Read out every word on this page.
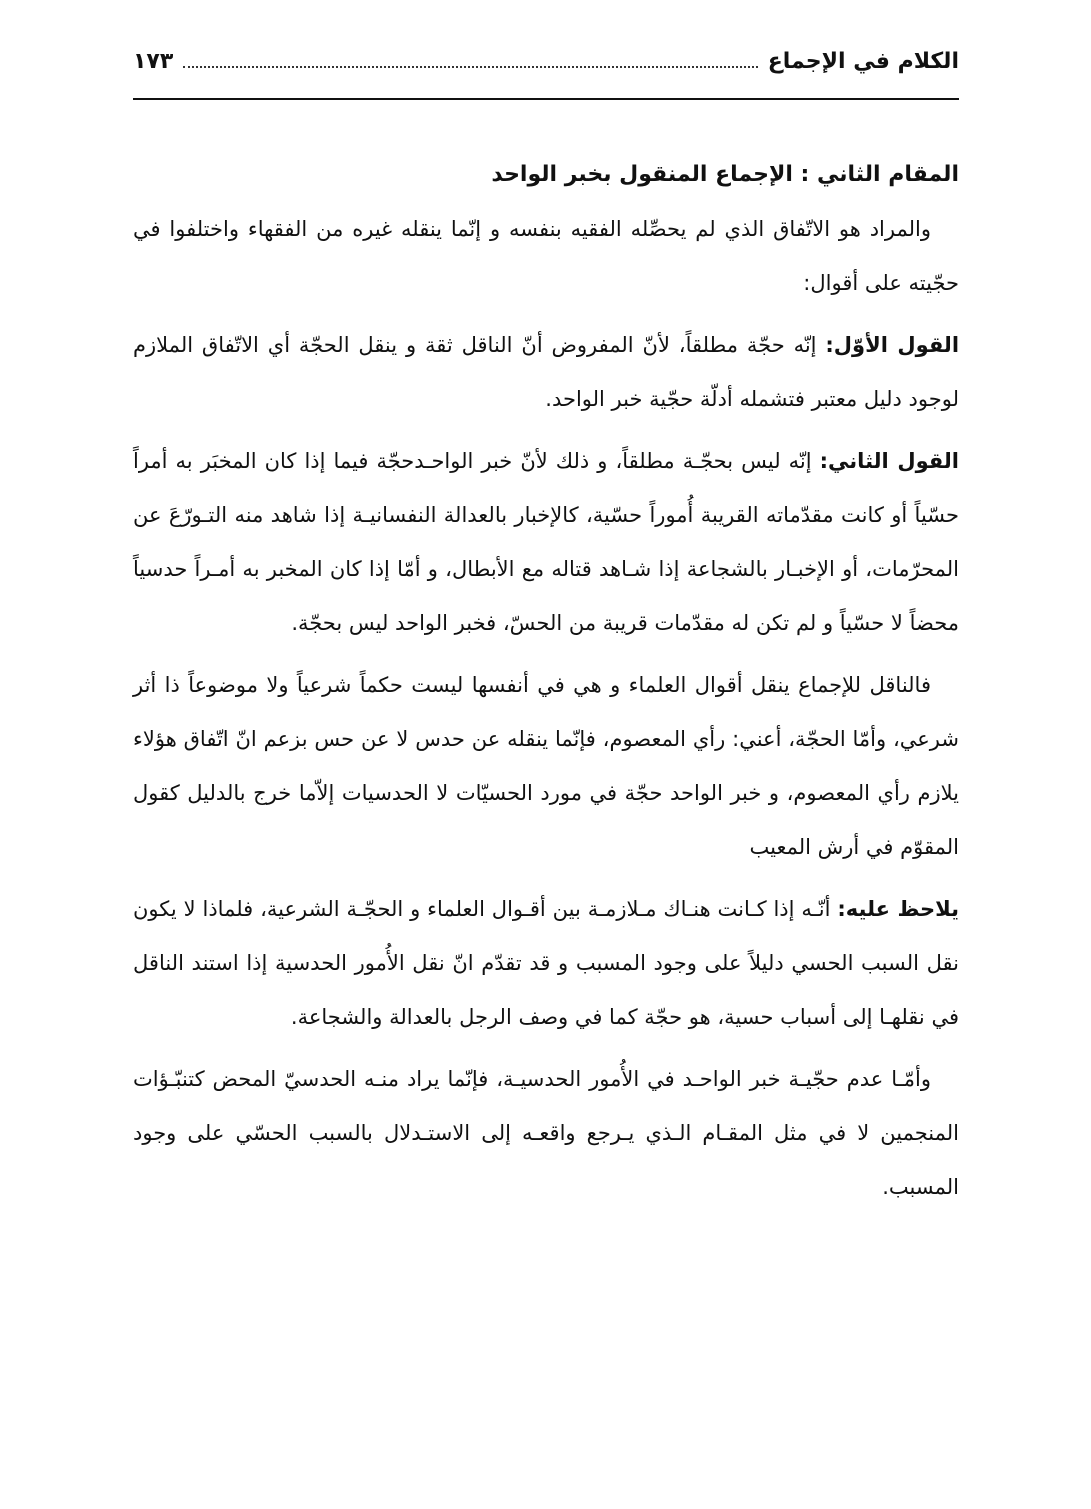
الكلام في الإجماع
١٧٣

المقام الثاني : الإجماع المنقول بخبر الواحد

والمراد هو الاتّفاق الذي لم يحصِّله الفقيه بنفسه و إنّما ينقله غيره من الفقهاء واختلفوا في حجّيته على أقوال:

القول الأوّل: إنّه حجّة مطلقاً، لأنّ المفروض أنّ الناقل ثقة و ينقل الحجّة أي الاتّفاق الملازم لوجود دليل معتبر فتشمله أدلّة حجّية خبر الواحد.

القول الثاني: إنّه ليس بحجّـة مطلقاً، و ذلك لأنّ خبر الواحـدحجّة فيما إذا كان المخبَر به أمراً حسّياً أو كانت مقدّماته القريبة أُموراً حسّية، كالإخبار بالعدالة النفسانيـة إذا شاهد منه التـورّعَ عن المحرّمات، أو الإخبـار بالشجاعة إذا شـاهد قتاله مع الأبطال، و أمّا إذا كان المخبر به أمـراً حدسياً محضاً لا حسّياً و لم تكن له مقدّمات قريبة من الحسّ، فخبر الواحد ليس بحجّة.

فالناقل للإجماع ينقل أقوال العلماء و هي في أنفسها ليست حكماً شرعياً ولا موضوعاً ذا أثر شرعي، وأمّا الحجّة، أعني: رأي المعصوم، فإنّما ينقله عن حدس لا عن حس بزعم انّ اتّفاق هؤلاء يلازم رأي المعصوم، و خبر الواحد حجّة في مورد الحسيّات لا الحدسيات إلاّما خرج بالدليل كقول المقوّم في أرش المعيب

يلاحظ عليه: أنّـه إذا كـانت هنـاك مـلازمـة بين أقـوال العلماء و الحجّـة الشرعية، فلماذا لا يكون نقل السبب الحسي دليلاً على وجود المسبب و قد تقدّم انّ نقل الأُمور الحدسية إذا استند الناقل في نقلهـا إلى أسباب حسية، هو حجّة كما في وصف الرجل بالعدالة والشجاعة.

وأمّـا عدم حجّيـة خبر الواحـد في الأُمور الحدسيـة، فإنّما يراد منـه الحدسيّ المحض كتنبّـؤات المنجمين لا في مثل المقـام الـذي يـرجع واقعـه إلى الاستـدلال بالسبب الحسّي على وجود المسبب.
